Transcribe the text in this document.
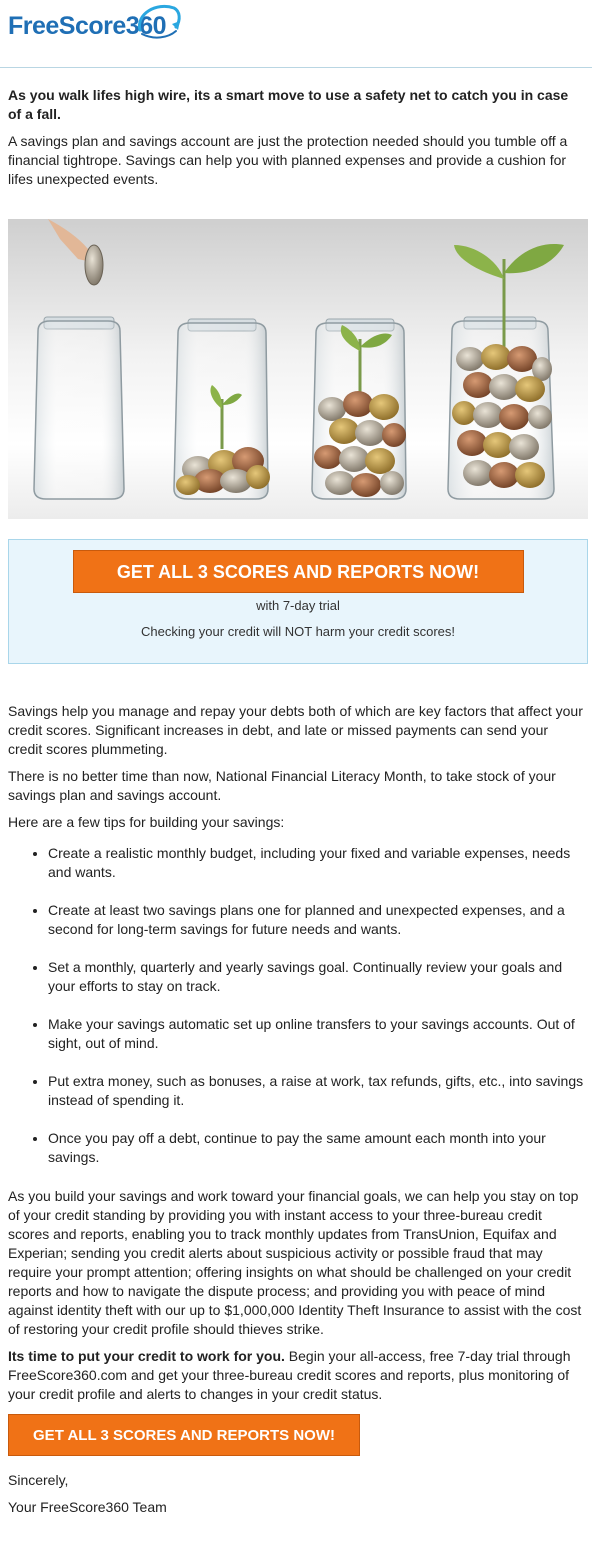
FreeScore 360

As you walk lifes high wire, its a smart move to use a safety net to catch you in case of a fall.

A savings plan and savings account are just the protection needed should you tumble off a financial tightrope. Savings can help you with planned expenses and provide a cushion for lifes unexpected events.

GET ALL 3 SCORES AND REPORTS NOW!
with 7-day trial
Checking your credit will NOT harm your credit scores!

Savings help you manage and repay your debts both of which are key factors that affect your credit scores. Significant increases in debt, and late or missed payments can send your credit scores plummeting.

There is no better time than now, National Financial Literacy Month, to take stock of your savings plan and savings account.

Here are a few tips for building your savings:

• Create a realistic monthly budget, including your fixed and variable expenses, needs and wants.
• Create at least two savings plans one for planned and unexpected expenses, and a second for long-term savings for future needs and wants.
• Set a monthly, quarterly and yearly savings goal. Continually review your goals and your efforts to stay on track.
• Make your savings automatic set up online transfers to your savings accounts. Out of sight, out of mind.
• Put extra money, such as bonuses, a raise at work, tax refunds, gifts, etc., into savings instead of spending it.
• Once you pay off a debt, continue to pay the same amount each month into your savings.

As you build your savings and work toward your financial goals, we can help you stay on top of your credit standing by providing you with instant access to your three-bureau credit scores and reports, enabling you to track monthly updates from TransUnion, Equifax and Experian; sending you credit alerts about suspicious activity or possible fraud that may require your prompt attention; offering insights on what should be challenged on your credit reports and how to navigate the dispute process; and providing you with peace of mind against identity theft with our up to $1,000,000 Identity Theft Insurance to assist with the cost of restoring your credit profile should thieves strike.

Its time to put your credit to work for you. Begin your all-access, free 7-day trial through FreeScore360.com and get your three-bureau credit scores and reports, plus monitoring of your credit profile and alerts to changes in your credit status.

GET ALL 3 SCORES AND REPORTS NOW!

Sincerely,

Your FreeScore360 Team
